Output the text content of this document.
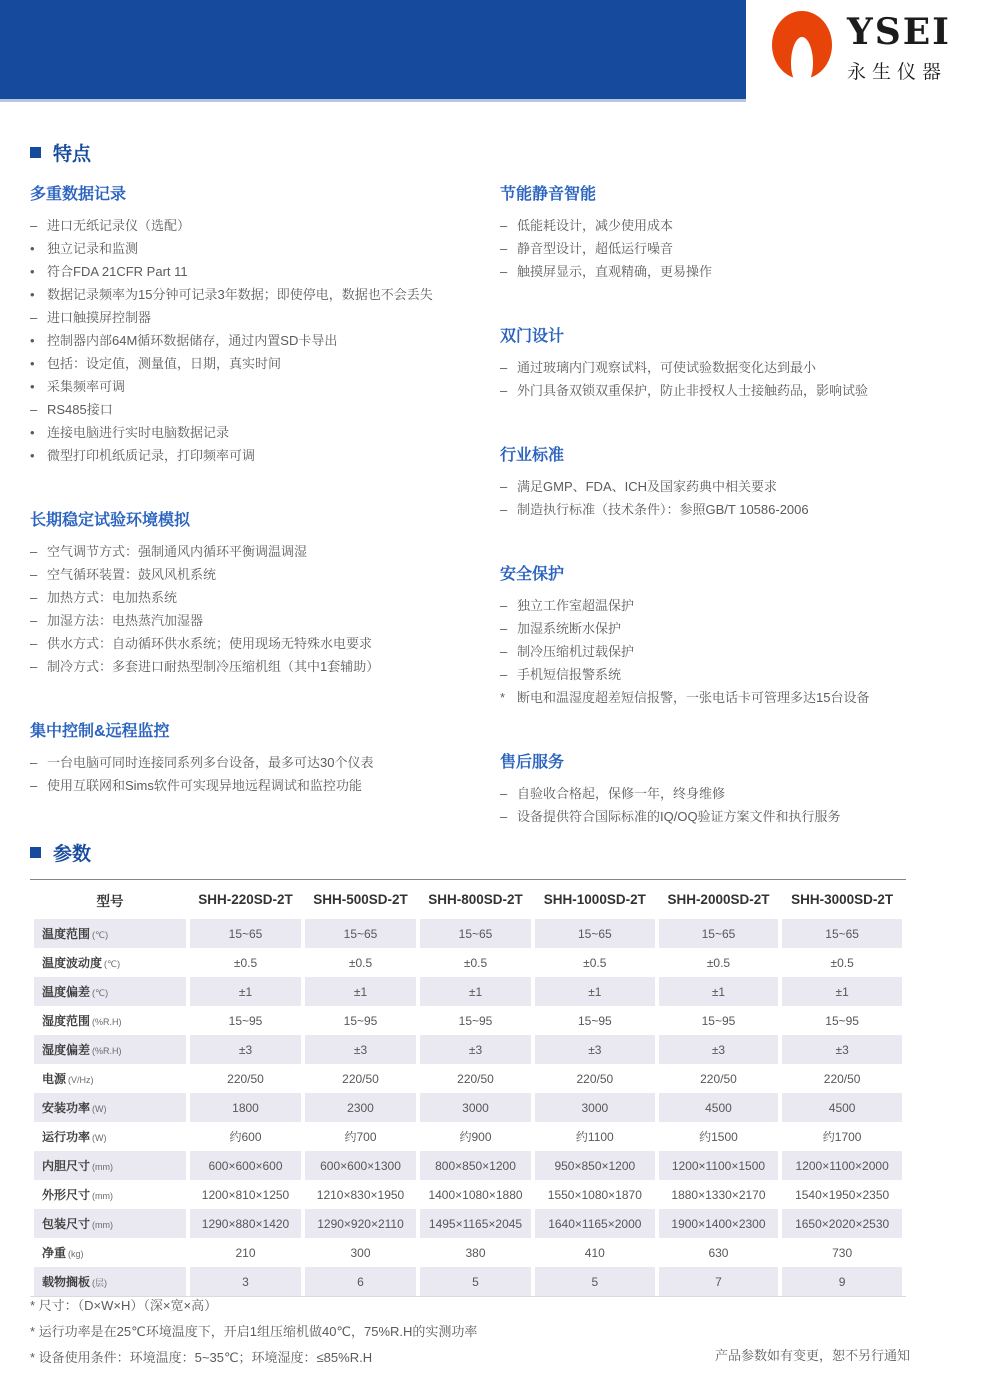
YSEI
永生仪器
特点
多重数据记录
– 进口无纸记录仪（选配）
• 独立记录和监测
• 符合FDA 21CFR Part 11
• 数据记录频率为15分钟可记录3年数据；即使停电，数据也不会丢失
– 进口触摸屏控制器
• 控制器内部64M循环数据储存，通过内置SD卡导出
• 包括：设定值，测量值，日期，真实时间
• 采集频率可调
– RS485接口
• 连接电脑进行实时电脑数据记录
• 微型打印机纸质记录，打印频率可调
长期稳定试验环境模拟
– 空气调节方式：强制通风内循环平衡调温调湿
– 空气循环装置：鼓风风机系统
– 加热方式：电加热系统
– 加湿方法：电热蒸汽加湿器
– 供水方式：自动循环供水系统；使用现场无特殊水电要求
– 制冷方式：多套进口耐热型制冷压缩机组（其中1套辅助）
集中控制&远程监控
– 一台电脑可同时连接同系列多台设备，最多可达30个仪表
– 使用互联网和Sims软件可实现异地远程调试和监控功能
节能静音智能
– 低能耗设计，减少使用成本
– 静音型设计，超低运行噪音
– 触摸屏显示，直观精确，更易操作
双门设计
– 通过玻璃内门观察试料，可使试验数据变化达到最小
– 外门具备双锁双重保护，防止非授权人士接触药品，影响试验
行业标准
– 满足GMP、FDA、ICH及国家药典中相关要求
– 制造执行标准（技术条件）：参照GB/T 10586-2006
安全保护
– 独立工作室超温保护
– 加湿系统断水保护
– 制冷压缩机过载保护
– 手机短信报警系统
* 断电和温湿度超差短信报警，一张电话卡可管理多达15台设备
售后服务
– 自验收合格起，保修一年，终身维修
– 设备提供符合国际标准的IQ/OQ验证方案文件和执行服务
参数
型号	SHH-220SD-2T	SHH-500SD-2T	SHH-800SD-2T	SHH-1000SD-2T	SHH-2000SD-2T	SHH-3000SD-2T
温度范围 (℃)	15~65	15~65	15~65	15~65	15~65	15~65
温度波动度 (℃)	±0.5	±0.5	±0.5	±0.5	±0.5	±0.5
温度偏差 (℃)	±1	±1	±1	±1	±1	±1
湿度范围 (%R.H)	15~95	15~95	15~95	15~95	15~95	15~95
湿度偏差 (%R.H)	±3	±3	±3	±3	±3	±3
电源 (V/Hz)	220/50	220/50	220/50	220/50	220/50	220/50
安装功率 (W)	1800	2300	3000	3000	4500	4500
运行功率 (W)	约600	约700	约900	约1100	约1500	约1700
内胆尺寸 (mm)	600×600×600	600×600×1300	800×850×1200	950×850×1200	1200×1100×1500	1200×1100×2000
外形尺寸 (mm)	1200×810×1250	1210×830×1950	1400×1080×1880	1550×1080×1870	1880×1330×2170	1540×1950×2350
包装尺寸 (mm)	1290×880×1420	1290×920×2110	1495×1165×2045	1640×1165×2000	1900×1400×2300	1650×2020×2530
净重 (kg)	210	300	380	410	630	730
载物搁板 (层)	3	6	5	5	7	9
产品参数如有变更，恕不另行通知
* 尺寸：（D×W×H）（深×宽×高）
* 运行功率是在25℃环境温度下，开启1组压缩机做40℃，75%R.H的实测功率
* 设备使用条件：环境温度：5~35℃；环境湿度：≤85%R.H
